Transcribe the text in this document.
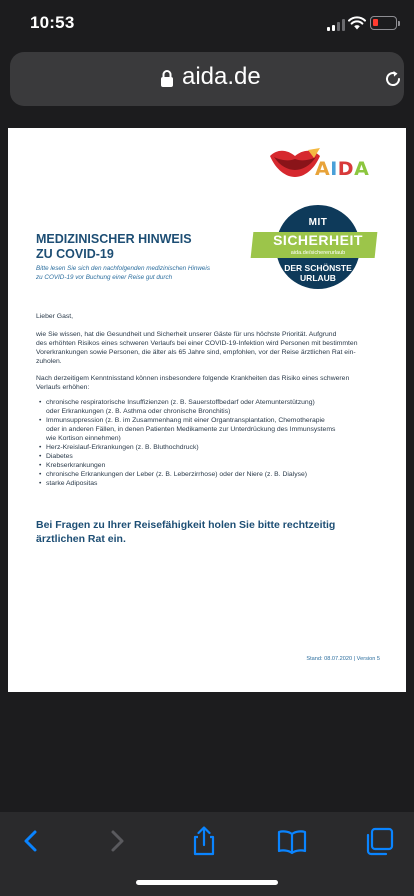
10:53
aida.de
AIDA
MIT
SICHERHEIT
aida.de/sichererurlaub
DER SCHÖNSTE
URLAUB
MEDIZINISCHER HINWEIS
ZU COVID-19
Bitte lesen Sie sich den nachfolgenden medizinischen Hinweis
zu COVID-19 vor Buchung einer Reise gut durch
Lieber Gast,
wie Sie wissen, hat die Gesundheit und Sicherheit unserer Gäste für uns höchste Priorität. Aufgrund
des erhöhten Risikos eines schweren Verlaufs bei einer COVID-19-Infektion wird Personen mit bestimmten
Vorerkrankungen sowie Personen, die älter als 65 Jahre sind, empfohlen, vor der Reise ärztlichen Rat ein-
zuholen.
Nach derzeitigem Kenntnisstand können insbesondere folgende Krankheiten das Risiko eines schweren
Verlaufs erhöhen:
• chronische respiratorische Insuffizienzen (z. B. Sauerstoffbedarf oder Atemunterstützung)
oder Erkrankungen (z. B. Asthma oder chronische Bronchitis)
• Immunsuppression (z. B. im Zusammenhang mit einer Organtransplantation, Chemotherapie
oder in anderen Fällen, in denen Patienten Medikamente zur Unterdrückung des Immunsystems
wie Kortison einnehmen)
• Herz-Kreislauf-Erkrankungen (z. B. Bluthochdruck)
• Diabetes
• Krebserkrankungen
• chronische Erkrankungen der Leber (z. B. Leberzirrhose) oder der Niere (z. B. Dialyse)
• starke Adipositas
Bei Fragen zu Ihrer Reisefähigkeit holen Sie bitte rechtzeitig
ärztlichen Rat ein.
Stand: 08.07.2020 | Version 5
